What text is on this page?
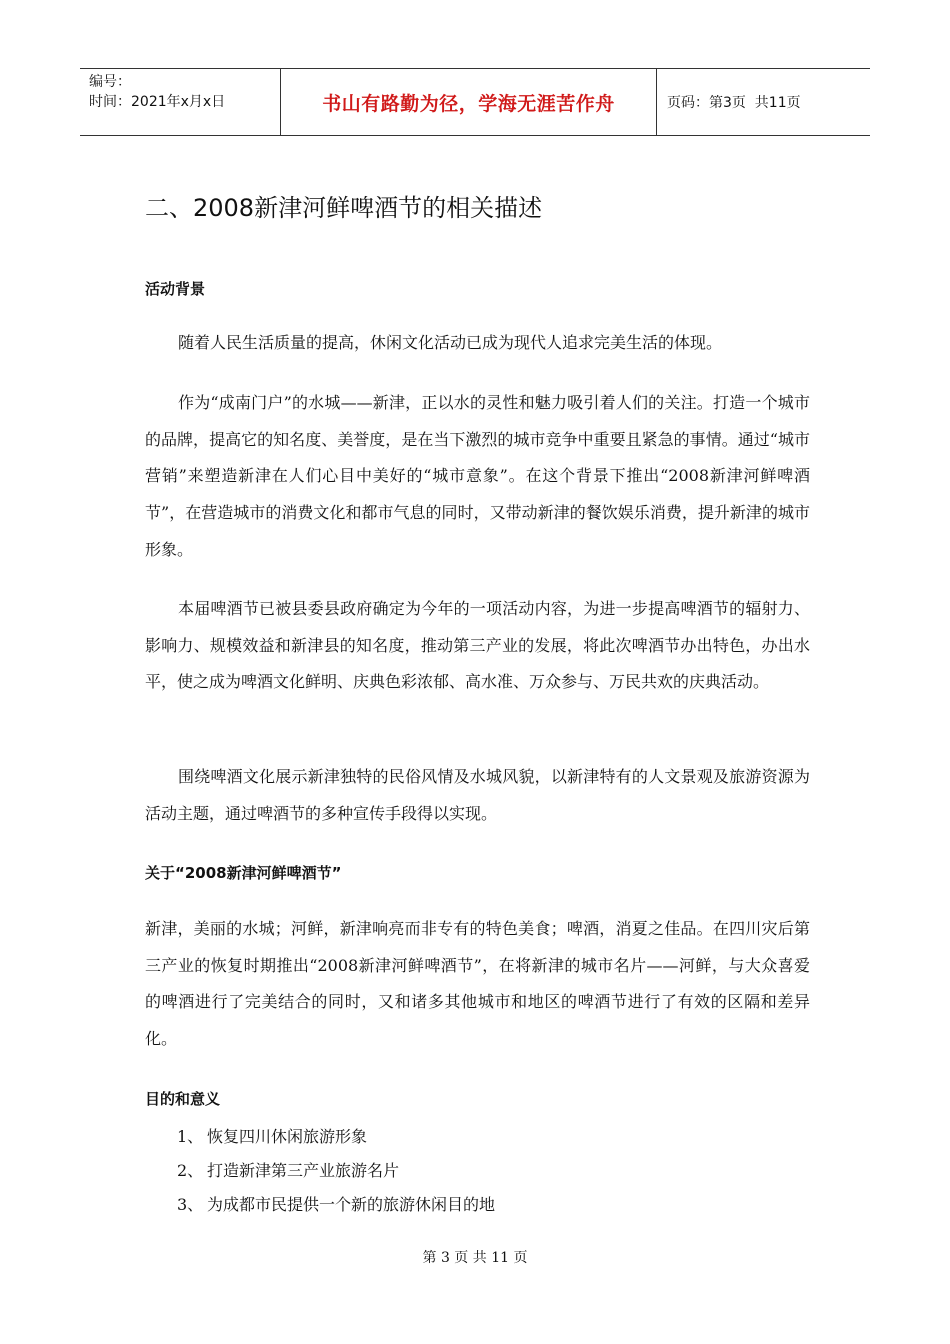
编号：
时间：2021年x月x日	书山有路勤为径，学海无涯苦作舟	页码：第3页  共11页
二、2008新津河鲜啤酒节的相关描述
活动背景
随着人民生活质量的提高，休闲文化活动已成为现代人追求完美生活的体现。
作为“成南门户”的水城——新津，正以水的灵性和魅力吸引着人们的关注。打造一个城市的品牌，提高它的知名度、美誉度，是在当下激烈的城市竞争中重要且紧急的事情。通过“城市营销”来塑造新津在人们心目中美好的“城市意象”。在这个背景下推出“2008新津河鲜啤酒节”，在营造城市的消费文化和都市气息的同时，又带动新津的餐饮娱乐消费，提升新津的城市形象。
本届啤酒节已被县委县政府确定为今年的一项活动内容，为进一步提高啤酒节的辐射力、影响力、规模效益和新津县的知名度，推动第三产业的发展，将此次啤酒节办出特色，办出水平，使之成为啤酒文化鲜明、庆典色彩浓郁、高水准、万众参与、万民共欢的庆典活动。
围绕啤酒文化展示新津独特的民俗风情及水城风貌，以新津特有的人文景观及旅游资源为活动主题，通过啤酒节的多种宣传手段得以实现。
关于“2008新津河鲜啤酒节”
新津，美丽的水城；河鲜，新津响亮而非专有的特色美食；啤酒，消夏之佳品。在四川灾后第三产业的恢复时期推出“2008新津河鲜啤酒节”，在将新津的城市名片——河鲜，与大众喜爱的啤酒进行了完美结合的同时，又和诸多其他城市和地区的啤酒节进行了有效的区隔和差异化。
目的和意义
1、 恢复四川休闲旅游形象
2、 打造新津第三产业旅游名片
3、 为成都市民提供一个新的旅游休闲目的地
第 3 页 共 11 页
